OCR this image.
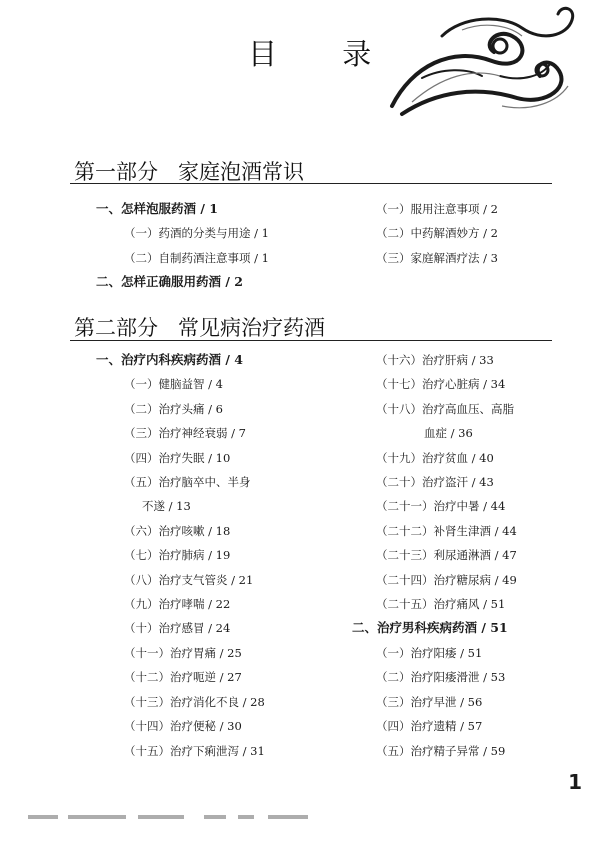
目 录
第一部分 家庭泡酒常识
一、怎样泡服药酒 / 1
（一）药酒的分类与用途 / 1
（二）自制药酒注意事项 / 1
二、怎样正确服用药酒 / 2
（一）服用注意事项 / 2
（二）中药解酒妙方 / 2
（三）家庭解酒疗法 / 3
第二部分 常见病治疗药酒
一、治疗内科疾病药酒 / 4
（一）健脑益智 / 4
（二）治疗头痛 / 6
（三）治疗神经衰弱 / 7
（四）治疗失眠 / 10
（五）治疗脑卒中、半身
不遂 / 13
（六）治疗咳嗽 / 18
（七）治疗肺病 / 19
（八）治疗支气管炎 / 21
（九）治疗哮喘 / 22
（十）治疗感冒 / 24
（十一）治疗胃痛 / 25
（十二）治疗呃逆 / 27
（十三）治疗消化不良 / 28
（十四）治疗便秘 / 30
（十五）治疗下痢泄泻 / 31
（十六）治疗肝病 / 33
（十七）治疗心脏病 / 34
（十八）治疗高血压、高脂
血症 / 36
（十九）治疗贫血 / 40
（二十）治疗盗汗 / 43
（二十一）治疗中暑 / 44
（二十二）补肾生津酒 / 44
（二十三）利尿通淋酒 / 47
（二十四）治疗糖尿病 / 49
（二十五）治疗痛风 / 51
二、治疗男科疾病药酒 / 51
（一）治疗阳痿 / 51
（二）治疗阳痿滑泄 / 53
（三）治疗早泄 / 56
（四）治疗遗精 / 57
（五）治疗精子异常 / 59
1
